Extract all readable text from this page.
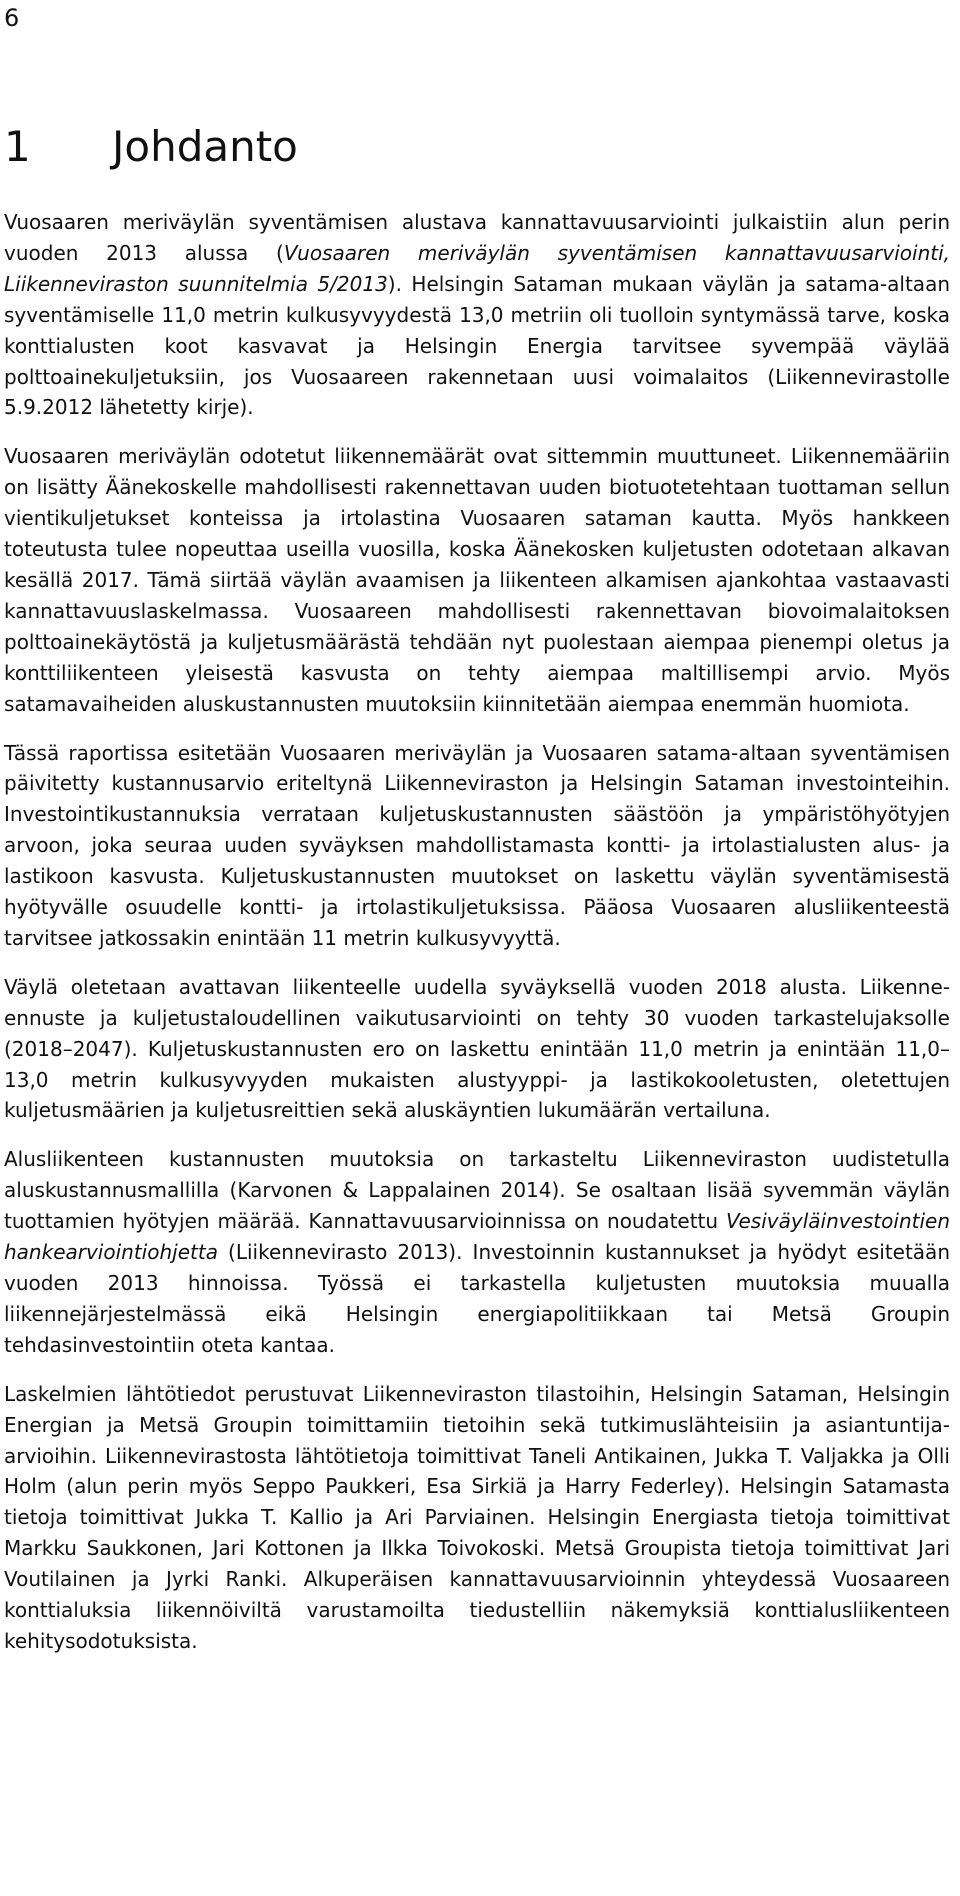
6
1 Johdanto

Vuosaaren meriväylän syventämisen alustava kannattavuusarviointi julkaistiin alun perin vuoden 2013 alussa (Vuosaaren meriväylän syventämisen kannattavuusarviointi, Liikenneviraston suunnitelmia 5/2013). Helsingin Sataman mukaan väylän ja satama-altaan syventämiselle 11,0 metrin kulkusyvyydestä 13,0 metriin oli tuolloin syntymässä tarve, koska konttialusten koot kasvavat ja Helsingin Energia tarvitsee syvempää väylää polttoainekuljetuksiin, jos Vuosaareen rakennetaan uusi voimalaitos (Liikennevirastolle 5.9.2012 lähetetty kirje).

Vuosaaren meriväylän odotetut liikennemäärät ovat sittemmin muuttuneet. Liikennemääriin on lisätty Äänekoskelle mahdollisesti rakennettavan uuden biotuotetehtaan tuottaman sellun vientikuljetukset konteissa ja irtolastina Vuosaaren sataman kautta. Myös hankkeen toteutusta tulee nopeuttaa useilla vuosilla, koska Äänekosken kuljetusten odotetaan alkavan kesällä 2017. Tämä siirtää väylän avaamisen ja liikenteen alkamisen ajankohtaa vastaavasti kannattavuuslaskelmassa. Vuosaareen mahdollisesti rakennettavan biovoimalaitoksen polttoainekäytöstä ja kuljetusmäärästä tehdään nyt puolestaan aiempaa pienempi oletus ja konttiliikenteen yleisestä kasvusta on tehty aiempaa maltillisempi arvio. Myös satamavaiheiden aluskustannusten muutoksiin kiinnitetään aiempaa enemmän huomiota.

Tässä raportissa esitetään Vuosaaren meriväylän ja Vuosaaren satama-altaan syventämisen päivitetty kustannusarvio eriteltynä Liikenneviraston ja Helsingin Sataman investointeihin. Investointikustannuksia verrataan kuljetuskustannusten säästöön ja ympäristöhyötyjen arvoon, joka seuraa uuden syväyksen mahdollistamasta kontti- ja irtolastialusten alus- ja lastikoon kasvusta. Kuljetuskustannusten muutokset on laskettu väylän syventämisestä hyötyvälle osuudelle kontti- ja irtolastikuljetuksissa. Pääosa Vuosaaren alusliikenteestä tarvitsee jatkossakin enintään 11 metrin kulkusyvyyttä.

Väylä oletetaan avattavan liikenteelle uudella syväyksellä vuoden 2018 alusta. Liikenne-ennuste ja kuljetustaloudellinen vaikutusarviointi on tehty 30 vuoden tarkastelujaksolle (2018–2047). Kuljetuskustannusten ero on laskettu enintään 11,0 metrin ja enintään 11,0–13,0 metrin kulkusyvyyden mukaisten alustyyppi- ja lastikokooletusten, oletettujen kuljetusmäärien ja kuljetusreittien sekä aluskäyntien lukumäärän vertailuna.

Alusliikenteen kustannusten muutoksia on tarkasteltu Liikenneviraston uudistetulla aluskustannusmallilla (Karvonen & Lappalainen 2014). Se osaltaan lisää syvemmän väylän tuottamien hyötyjen määrää. Kannattavuusarvioinnissa on noudatettu Vesiväyläinvestointien hankearviointiohjetta (Liikennevirasto 2013). Investoinnin kustannukset ja hyödyt esitetään vuoden 2013 hinnoissa. Työssä ei tarkastella kuljetusten muutoksia muualla liikennejärjestelmässä eikä Helsingin energiapolitiikkaan tai Metsä Groupin tehdasinvestointiin oteta kantaa.

Laskelmien lähtötiedot perustuvat Liikenneviraston tilastoihin, Helsingin Sataman, Helsingin Energian ja Metsä Groupin toimittamiin tietoihin sekä tutkimuslähteisiin ja asiantuntija-arvioihin. Liikennevirastosta lähtötietoja toimittivat Taneli Antikainen, Jukka T. Valjakka ja Olli Holm (alun perin myös Seppo Paukkeri, Esa Sirkiä ja Harry Federley). Helsingin Satamasta tietoja toimittivat Jukka T. Kallio ja Ari Parviainen. Helsingin Energiasta tietoja toimittivat Markku Saukkonen, Jari Kottonen ja Ilkka Toivokoski. Metsä Groupista tietoja toimittivat Jari Voutilainen ja Jyrki Ranki. Alkuperäisen kannattavuusarvioinnin yhteydessä Vuosaareen konttialuksia liikennöiviltä varustamoilta tiedustelliin näkemyksiä konttialusliikenteen kehitysodotuksista.
